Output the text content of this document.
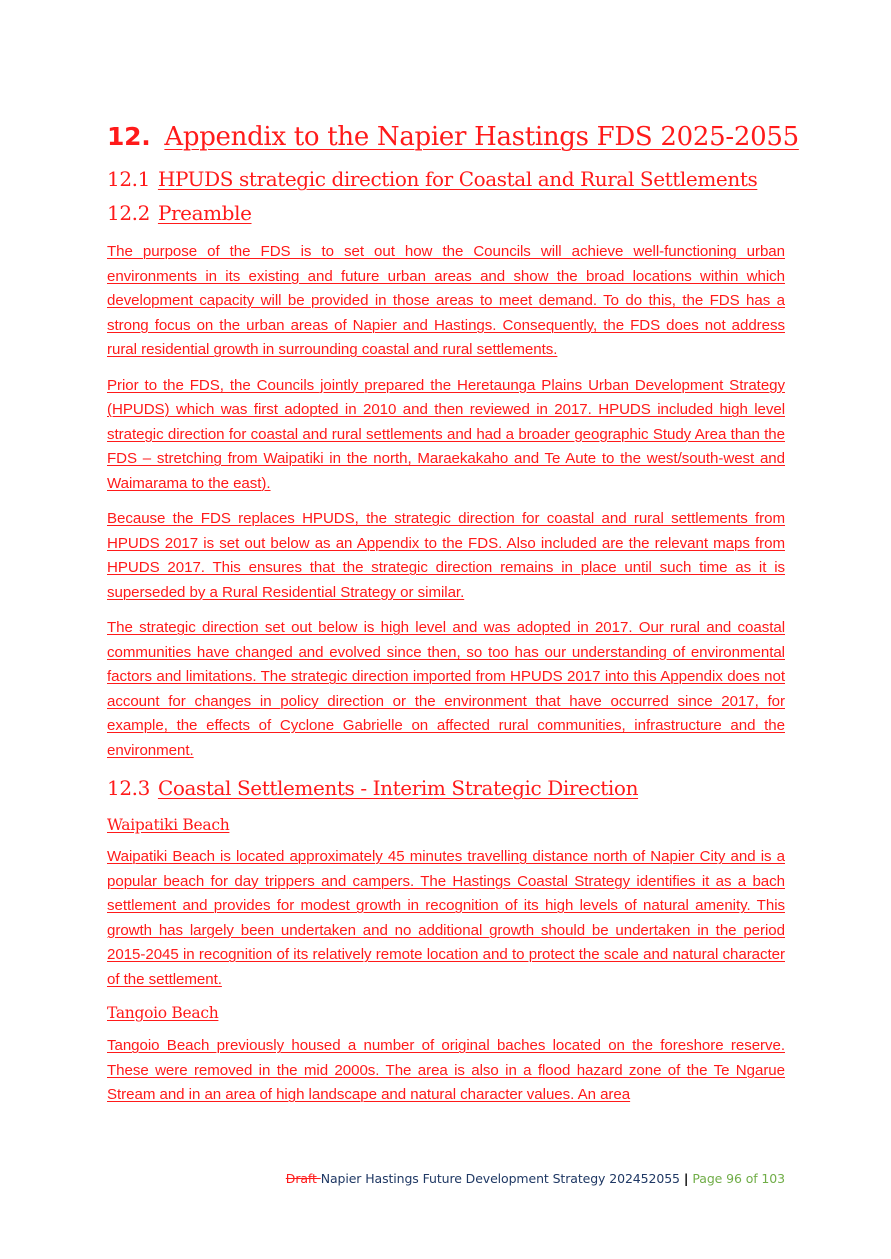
12. Appendix to the Napier Hastings FDS 2025-2055
12.1 HPUDS strategic direction for Coastal and Rural Settlements
12.2 Preamble

The purpose of the FDS is to set out how the Councils will achieve well-functioning urban environments in its existing and future urban areas and show the broad locations within which development capacity will be provided in those areas to meet demand. To do this, the FDS has a strong focus on the urban areas of Napier and Hastings. Consequently, the FDS does not address rural residential growth in surrounding coastal and rural settlements.

Prior to the FDS, the Councils jointly prepared the Heretaunga Plains Urban Development Strategy (HPUDS) which was first adopted in 2010 and then reviewed in 2017. HPUDS included high level strategic direction for coastal and rural settlements and had a broader geographic Study Area than the FDS – stretching from Waipatiki in the north, Maraekakaho and Te Aute to the west/south-west and Waimarama to the east).

Because the FDS replaces HPUDS, the strategic direction for coastal and rural settlements from HPUDS 2017 is set out below as an Appendix to the FDS. Also included are the relevant maps from HPUDS 2017. This ensures that the strategic direction remains in place until such time as it is superseded by a Rural Residential Strategy or similar.

The strategic direction set out below is high level and was adopted in 2017. Our rural and coastal communities have changed and evolved since then, so too has our understanding of environmental factors and limitations. The strategic direction imported from HPUDS 2017 into this Appendix does not account for changes in policy direction or the environment that have occurred since 2017, for example, the effects of Cyclone Gabrielle on affected rural communities, infrastructure and the environment.

12.3 Coastal Settlements - Interim Strategic Direction
Waipatiki Beach

Waipatiki Beach is located approximately 45 minutes travelling distance north of Napier City and is a popular beach for day trippers and campers. The Hastings Coastal Strategy identifies it as a bach settlement and provides for modest growth in recognition of its high levels of natural amenity. This growth has largely been undertaken and no additional growth should be undertaken in the period 2015-2045 in recognition of its relatively remote location and to protect the scale and natural character of the settlement.

Tangoio Beach

Tangoio Beach previously housed a number of original baches located on the foreshore reserve. These were removed in the mid 2000s. The area is also in a flood hazard zone of the Te Ngarue Stream and in an area of high landscape and natural character values. An area

Draft Napier Hastings Future Development Strategy 202452055 | Page 96 of 103
